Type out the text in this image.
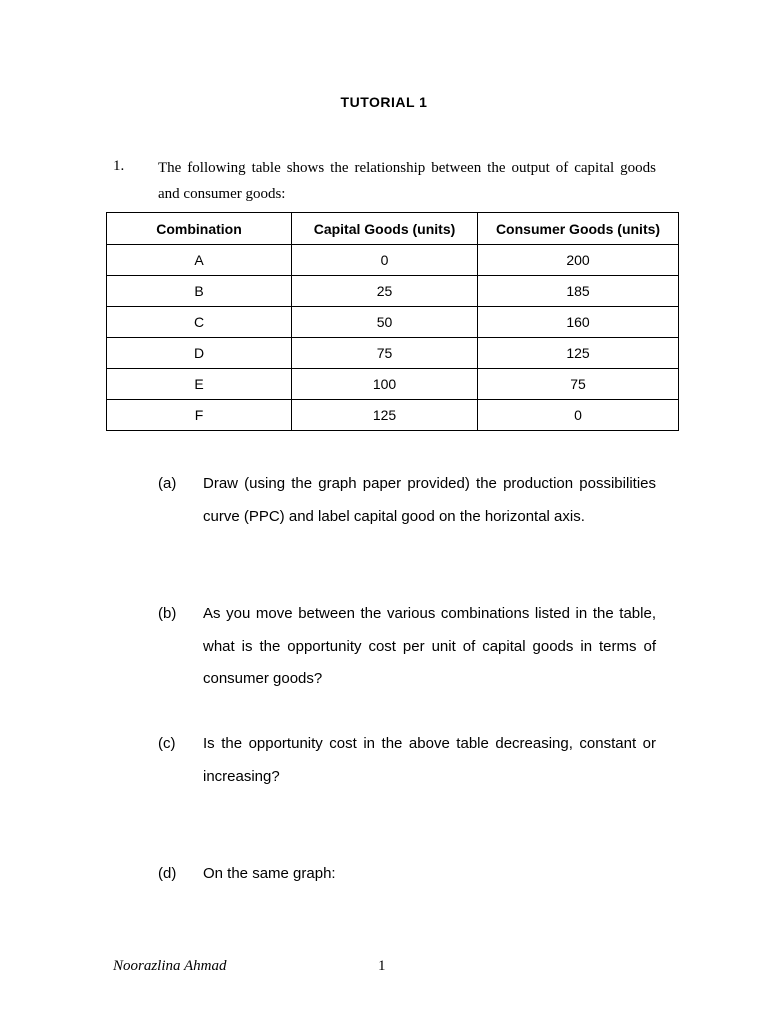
TUTORIAL 1
1. The following table shows the relationship between the output of capital goods and consumer goods:
Combination	Capital Goods (units)	Consumer Goods (units)
A	0	200
B	25	185
C	50	160
D	75	125
E	100	75
F	125	0
(a)	Draw (using the graph paper provided) the production possibilities curve (PPC) and label capital good on the horizontal axis.
(b)	As you move between the various combinations listed in the table, what is the opportunity cost per unit of capital goods in terms of consumer goods?
(c)	Is the opportunity cost in the above table decreasing, constant or increasing?
(d)	On the same graph:
Noorazlina Ahmad	1
